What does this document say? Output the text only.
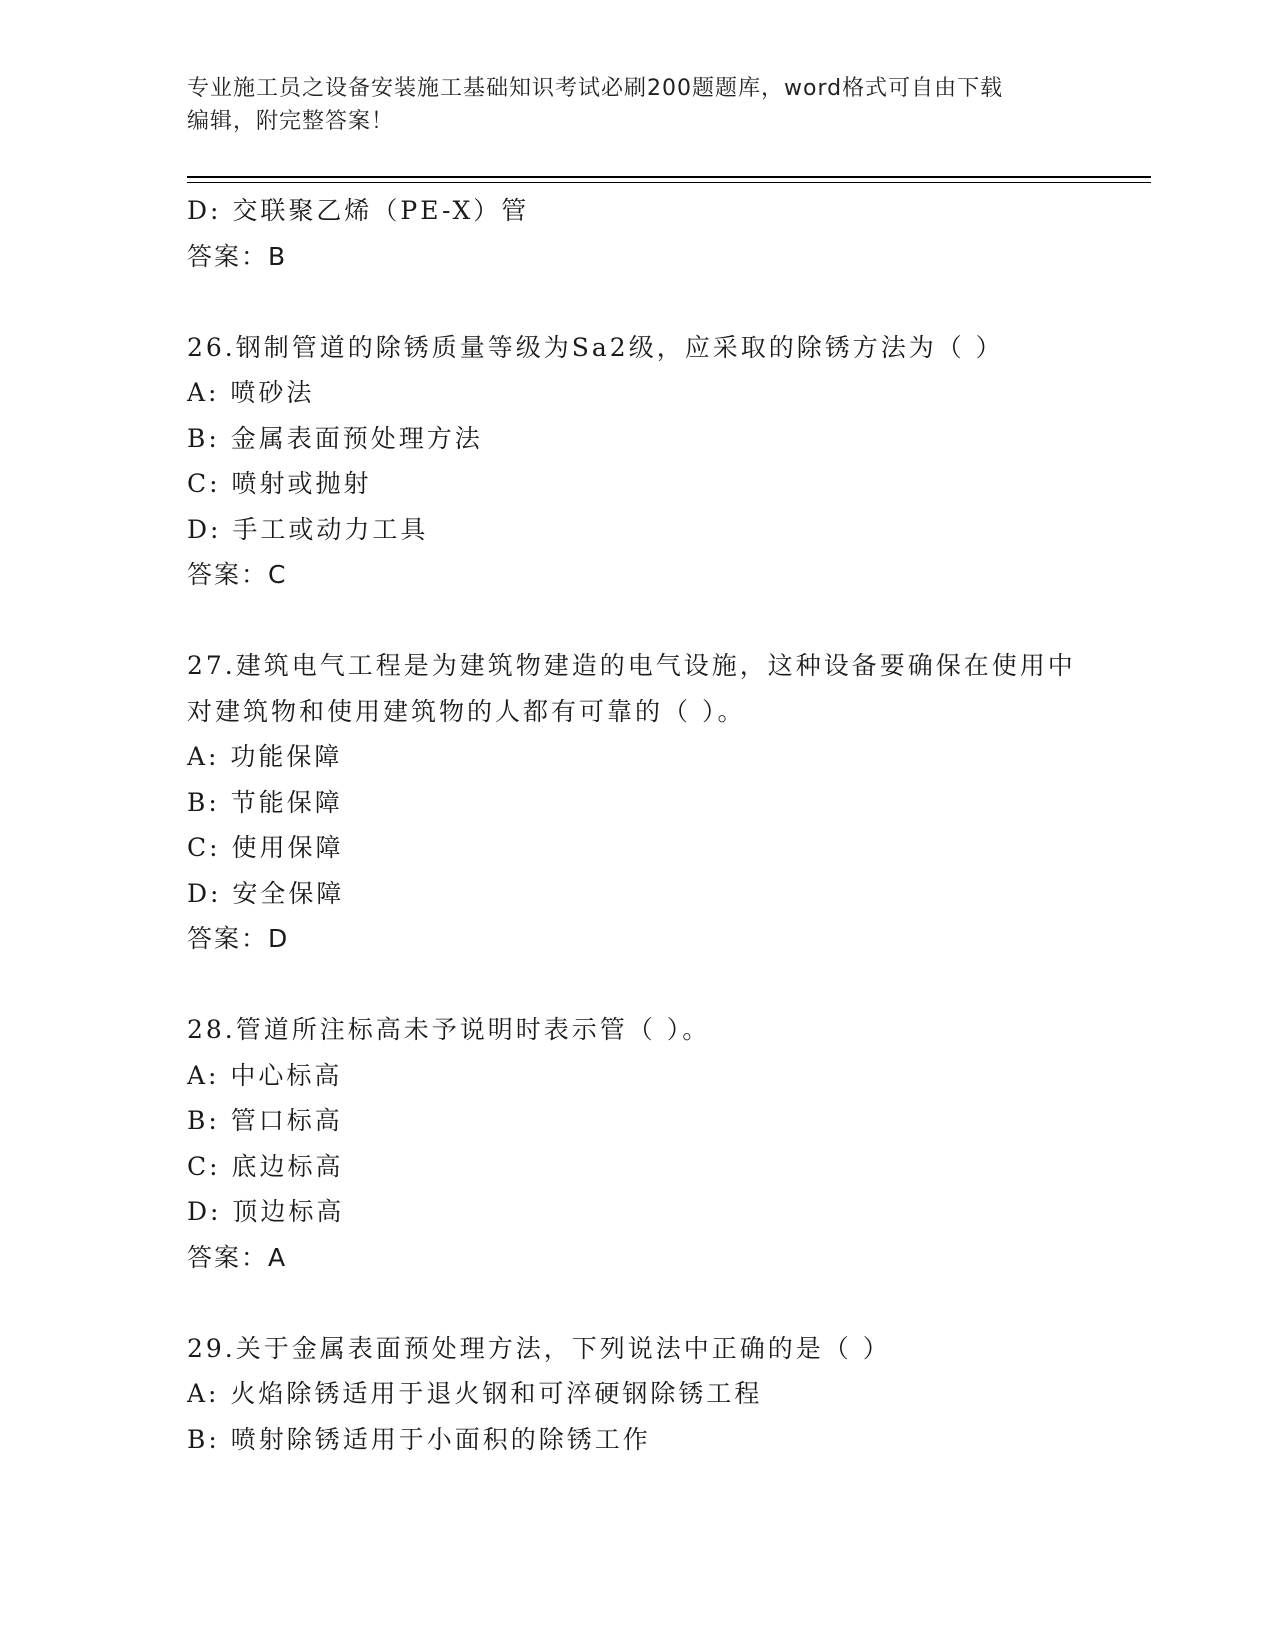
专业施工员之设备安装施工基础知识考试必刷200题题库，word格式可自由下载
编辑，附完整答案！
D: 交联聚乙烯（PE-X）管
答案：B
26.钢制管道的除锈质量等级为Sa2级，应采取的除锈方法为（ ）
A: 喷砂法
B: 金属表面预处理方法
C: 喷射或抛射
D: 手工或动力工具
答案：C
27.建筑电气工程是为建筑物建造的电气设施，这种设备要确保在使用中对建筑物和使用建筑物的人都有可靠的（ ）。
A: 功能保障
B: 节能保障
C: 使用保障
D: 安全保障
答案：D
28.管道所注标高未予说明时表示管（ ）。
A: 中心标高
B: 管口标高
C: 底边标高
D: 顶边标高
答案：A
29.关于金属表面预处理方法，下列说法中正确的是（ ）
A: 火焰除锈适用于退火钢和可淬硬钢除锈工程
B: 喷射除锈适用于小面积的除锈工作
